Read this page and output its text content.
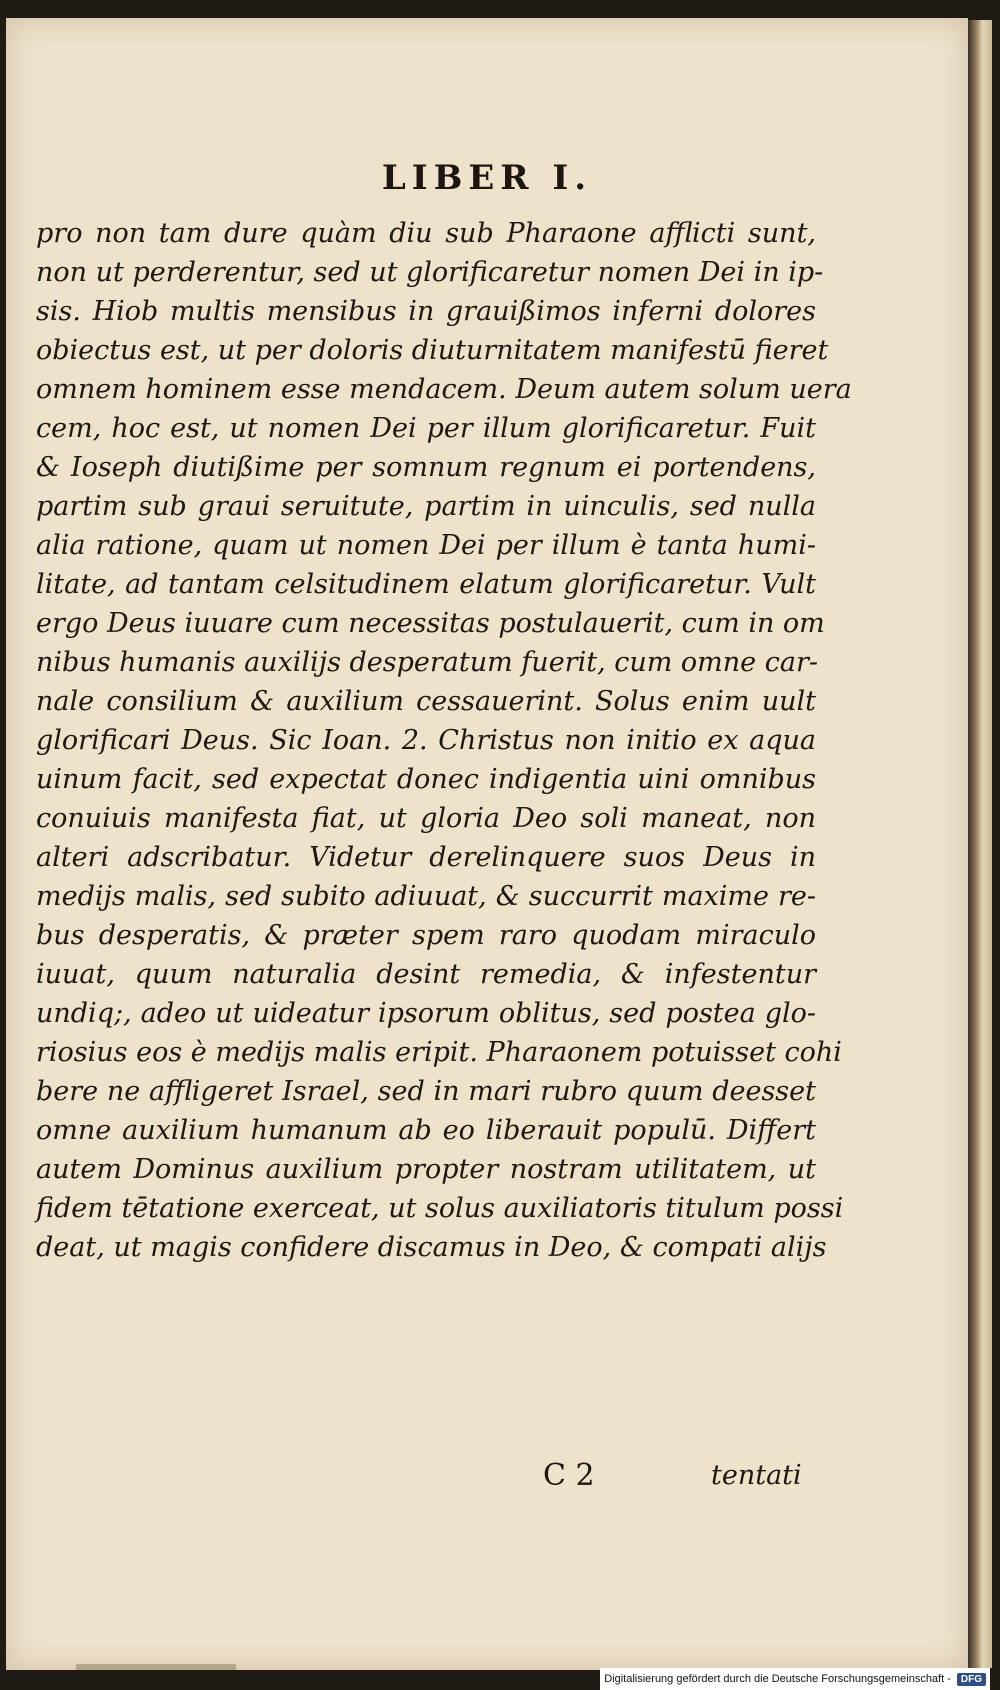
LIBER I.
pro non tam dure quàm diu sub Pharaone afflicti sunt,
non ut perderentur, sed ut glorificaretur nomen Dei in ip-
sis. Hiob multis mensibus in grauißimos inferni dolores
obiectus est, ut per doloris diuturnitatem manifestū fieret
omnem hominem esse mendacem. Deum autem solum uera
cem, hoc est, ut nomen Dei per illum glorificaretur. Fuit
& Ioseph diutißime per somnum regnum ei portendens,
partim sub graui seruitute, partim in uinculis, sed nulla
alia ratione, quam ut nomen Dei per illum è tanta humi-
litate, ad tantam celsitudinem elatum glorificaretur. Vult
ergo Deus iuuare cum necessitas postulauerit, cum in om
nibus humanis auxilijs desperatum fuerit, cum omne car-
nale consilium & auxilium cessauerint. Solus enim uult
glorificari Deus. Sic Ioan. 2. Christus non initio ex aqua
uinum facit, sed expectat donec indigentia uini omnibus
conuiuis manifesta fiat, ut gloria Deo soli maneat, non
alteri adscribatur. Videtur derelinquere suos Deus in
medijs malis, sed subito adiuuat, & succurrit maxime re-
bus desperatis, & præter spem raro quodam miraculo
iuuat, quum naturalia desint remedia, & infestentur
undiq;, adeo ut uideatur ipsorum oblitus, sed postea glo-
riosius eos è medijs malis eripit. Pharaonem potuisset cohi
bere ne affligeret Israel, sed in mari rubro quum deesset
omne auxilium humanum ab eo liberauit populū. Differt
autem Dominus auxilium propter nostram utilitatem, ut
fidem tētatione exerceat, ut solus auxiliatoris titulum possi
deat, ut magis confidere discamus in Deo, & compati alijs
C 2	tentati
Digitalisierung gefördert durch die Deutsche Forschungsgemeinschaft -	DFG
